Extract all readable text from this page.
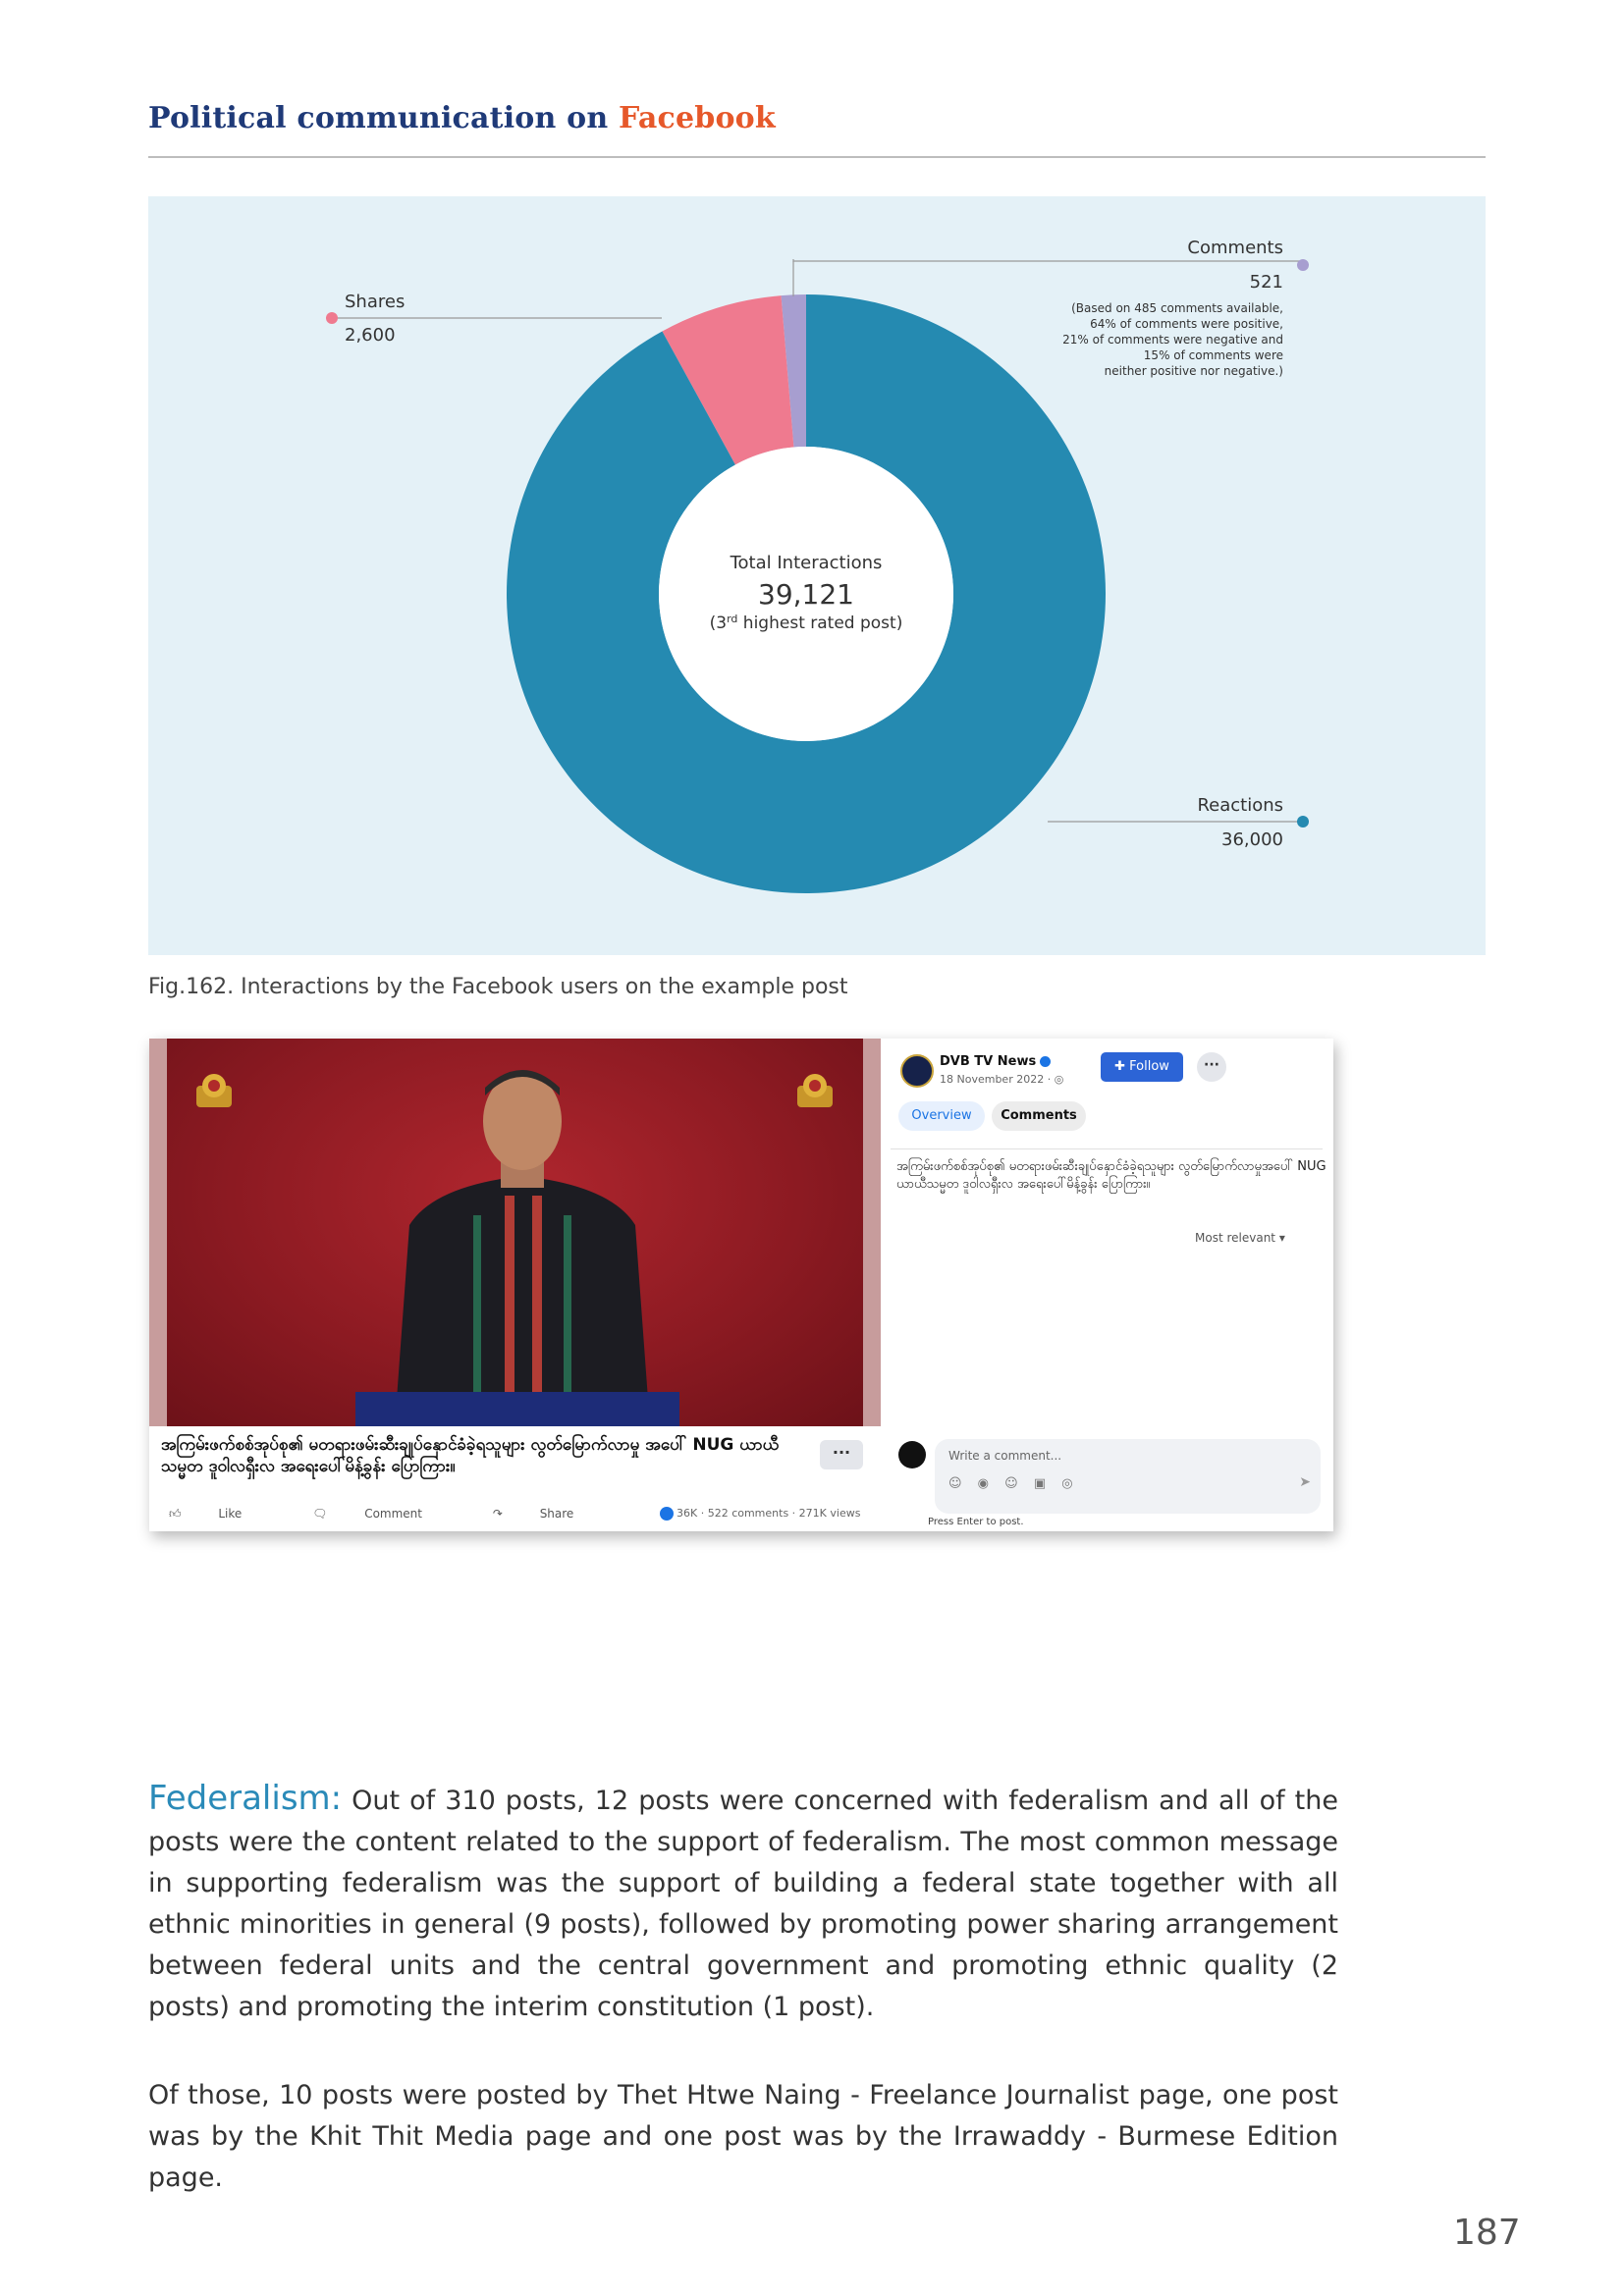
Political communication on Facebook
Shares
2,600
Comments
521
(Based on 485 comments available,
64% of comments were positive,
21% of comments were negative and
15% of comments were
neither positive nor negative.)
Reactions
36,000
Total Interactions
39,121
(3rd highest rated post)
Fig.162. Interactions by the Facebook users on the example post
အကြမ်းဖက်စစ်အုပ်စု၏ မတရားဖမ်းဆီးချုပ်နှောင်ခံခဲ့ရသူများ လွတ်မြောက်လာမှု အပေါ် NUG ယာယီသမ္မတ ဒူဝါလရှီးလ အရေးပေါ်မိန့်ခွန်း ပြောကြား။
···
👍︎	Like	🗨	Comment	↷	Share	36K · 522 comments · 271K views
DVB TV News
18 November 2022 · ◎
✚ Follow	···
Overview	Comments
အကြမ်းဖက်စစ်အုပ်စု၏ မတရားဖမ်းဆီးချုပ်နှောင်ခံခဲ့ရသူများ လွတ်မြောက်လာမှုအပေါ် NUG ယာယီသမ္မတ ဒူဝါလရှီးလ အရေးပေါ်မိန့်ခွန်း ပြောကြား။
Most relevant ▾
Write a comment...
☺ ◉ ☺ ▣ ◎	➤
Press Enter to post.

Federalism: Out of 310 posts, 12 posts were concerned with federalism and all of the posts were the content related to the support of federalism. The most common message in supporting federalism was the support of building a federal state together with all ethnic minorities in general (9 posts), followed by promoting power sharing arrangement between federal units and the central government and promoting ethnic quality (2 posts) and promoting the interim constitution (1 post).

Of those, 10 posts were posted by Thet Htwe Naing - Freelance Journalist page, one post was by the Khit Thit Media page and one post was by the Irrawaddy - Burmese Edition page.

187
